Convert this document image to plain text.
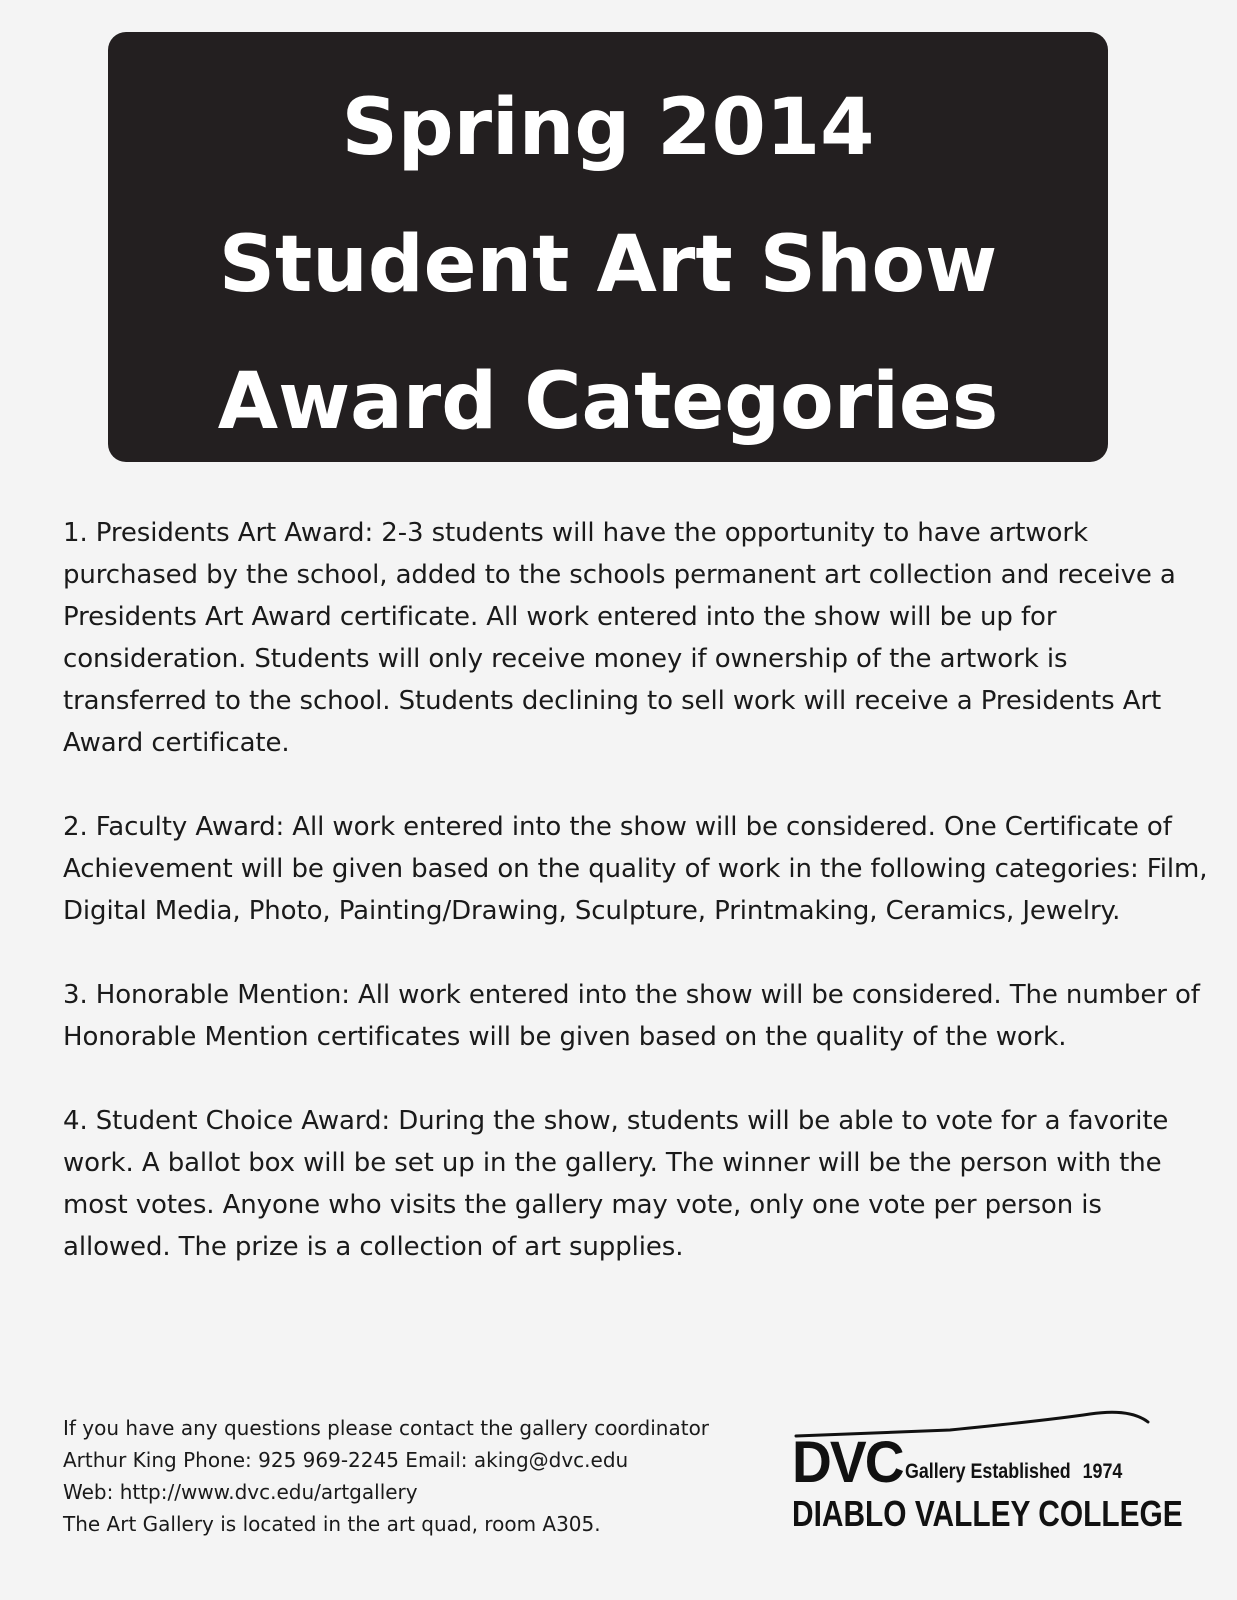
Spring 2014
Student Art Show
Award Categories
1. Presidents Art Award: 2-3 students will have the opportunity to have artwork purchased by the school, added to the schools permanent art collection and receive a Presidents Art Award certificate. All work entered into the show will be up for consideration. Students will only receive money if ownership of the artwork is transferred to the school. Students declining to sell work will receive a Presidents Art Award certificate.
2. Faculty Award: All work entered into the show will be considered. One Certificate of Achievement will be given based on the quality of work in the following categories: Film, Digital Media, Photo, Painting/Drawing, Sculpture, Printmaking, Ceramics, Jewelry.
3. Honorable Mention: All work entered into the show will be considered. The number of Honorable Mention certificates will be given based on the quality of the work.
4. Student Choice Award: During the show, students will be able to vote for a favorite work. A ballot box will be set up in the gallery. The winner will be the person with the most votes. Anyone who visits the gallery may vote, only one vote per person is allowed. The prize is a collection of art supplies.
If you have any questions please contact the gallery coordinator
Arthur King Phone: 925 969-2245 Email: aking@dvc.edu
Web: http://www.dvc.edu/artgallery
The Art Gallery is located in the art quad, room A305.
DVC Gallery Established 1974
DIABLO VALLEY COLLEGE
